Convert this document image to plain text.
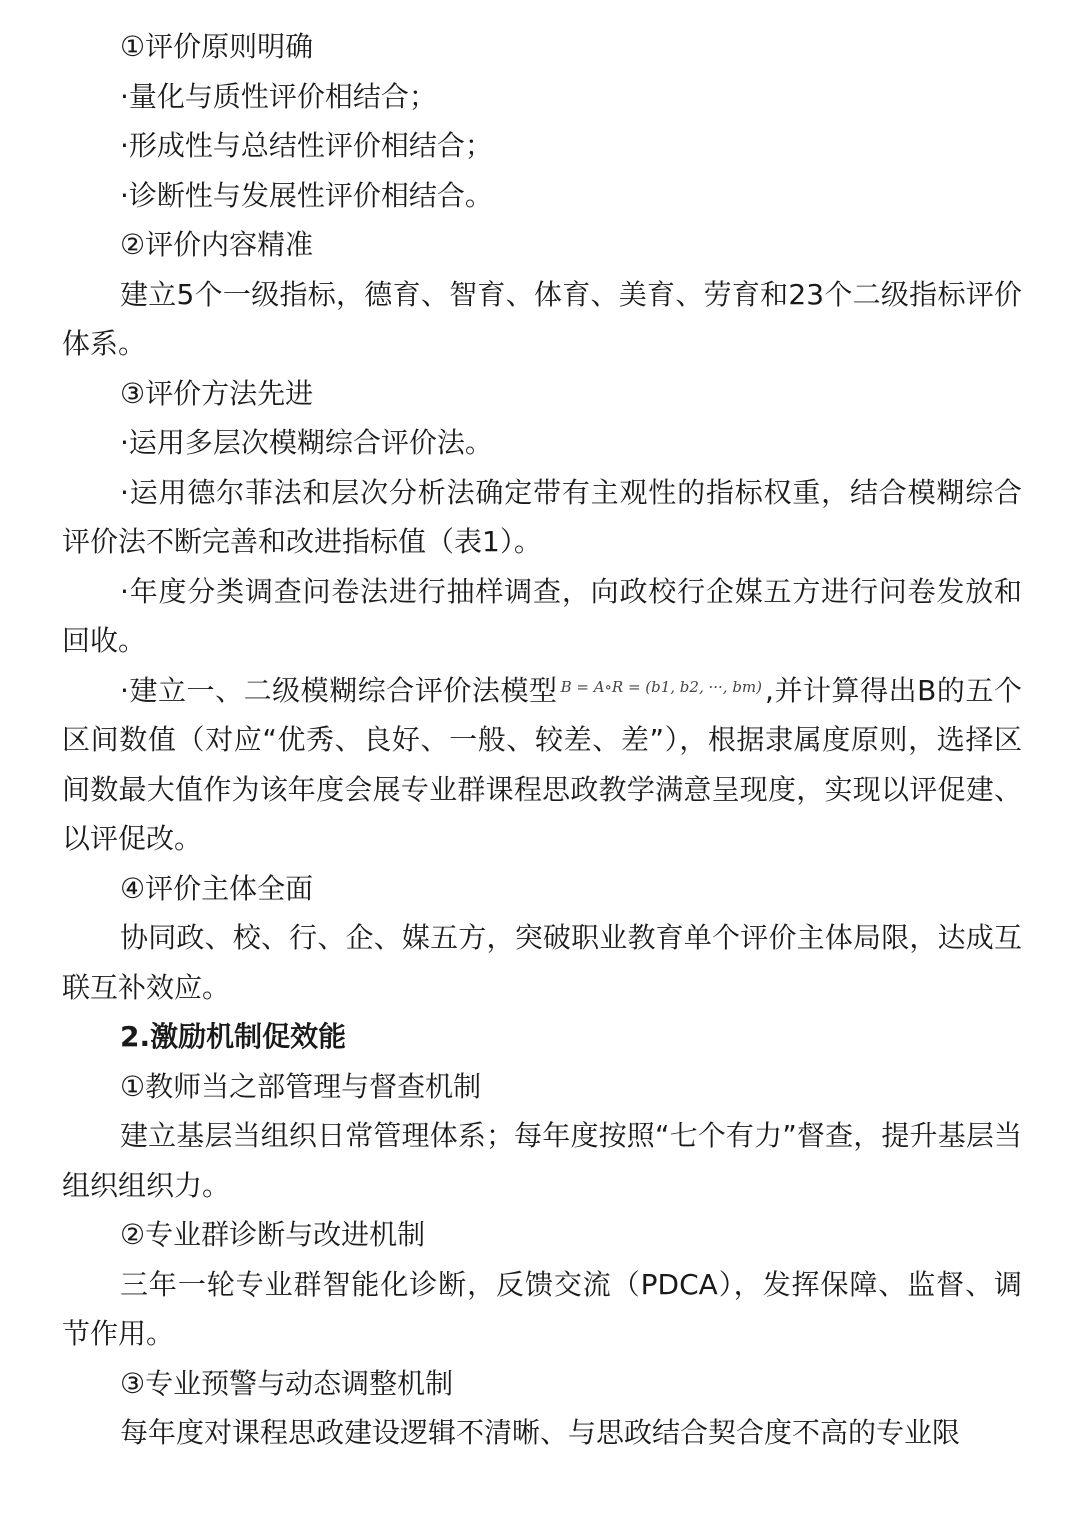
①评价原则明确

·量化与质性评价相结合；

·形成性与总结性评价相结合；

·诊断性与发展性评价相结合。

②评价内容精准

建立5个一级指标，德育、智育、体育、美育、劳育和23个二级指标评价体系。

③评价方法先进

·运用多层次模糊综合评价法。

·运用德尔菲法和层次分析法确定带有主观性的指标权重，结合模糊综合评价法不断完善和改进指标值（表1）。

·年度分类调查问卷法进行抽样调查，向政校行企媒五方进行问卷发放和回收。

·建立一、二级模糊综合评价法模型 B = A∘R = (b1, b2, ···, bm) ,并计算得出B的五个区间数值（对应“优秀、良好、一般、较差、差”），根据隶属度原则，选择区间数最大值作为该年度会展专业群课程思政教学满意呈现度，实现以评促建、以评促改。

④评价主体全面

协同政、校、行、企、媒五方，突破职业教育单个评价主体局限，达成互联互补效应。

2.激励机制促效能

①教师当之部管理与督查机制

建立基层当组织日常管理体系；每年度按照“七个有力”督查，提升基层当组织组织力。

②专业群诊断与改进机制

三年一轮专业群智能化诊断，反馈交流（PDCA），发挥保障、监督、调节作用。

③专业预警与动态调整机制

每年度对课程思政建设逻辑不清晰、与思政结合契合度不高的专业限
